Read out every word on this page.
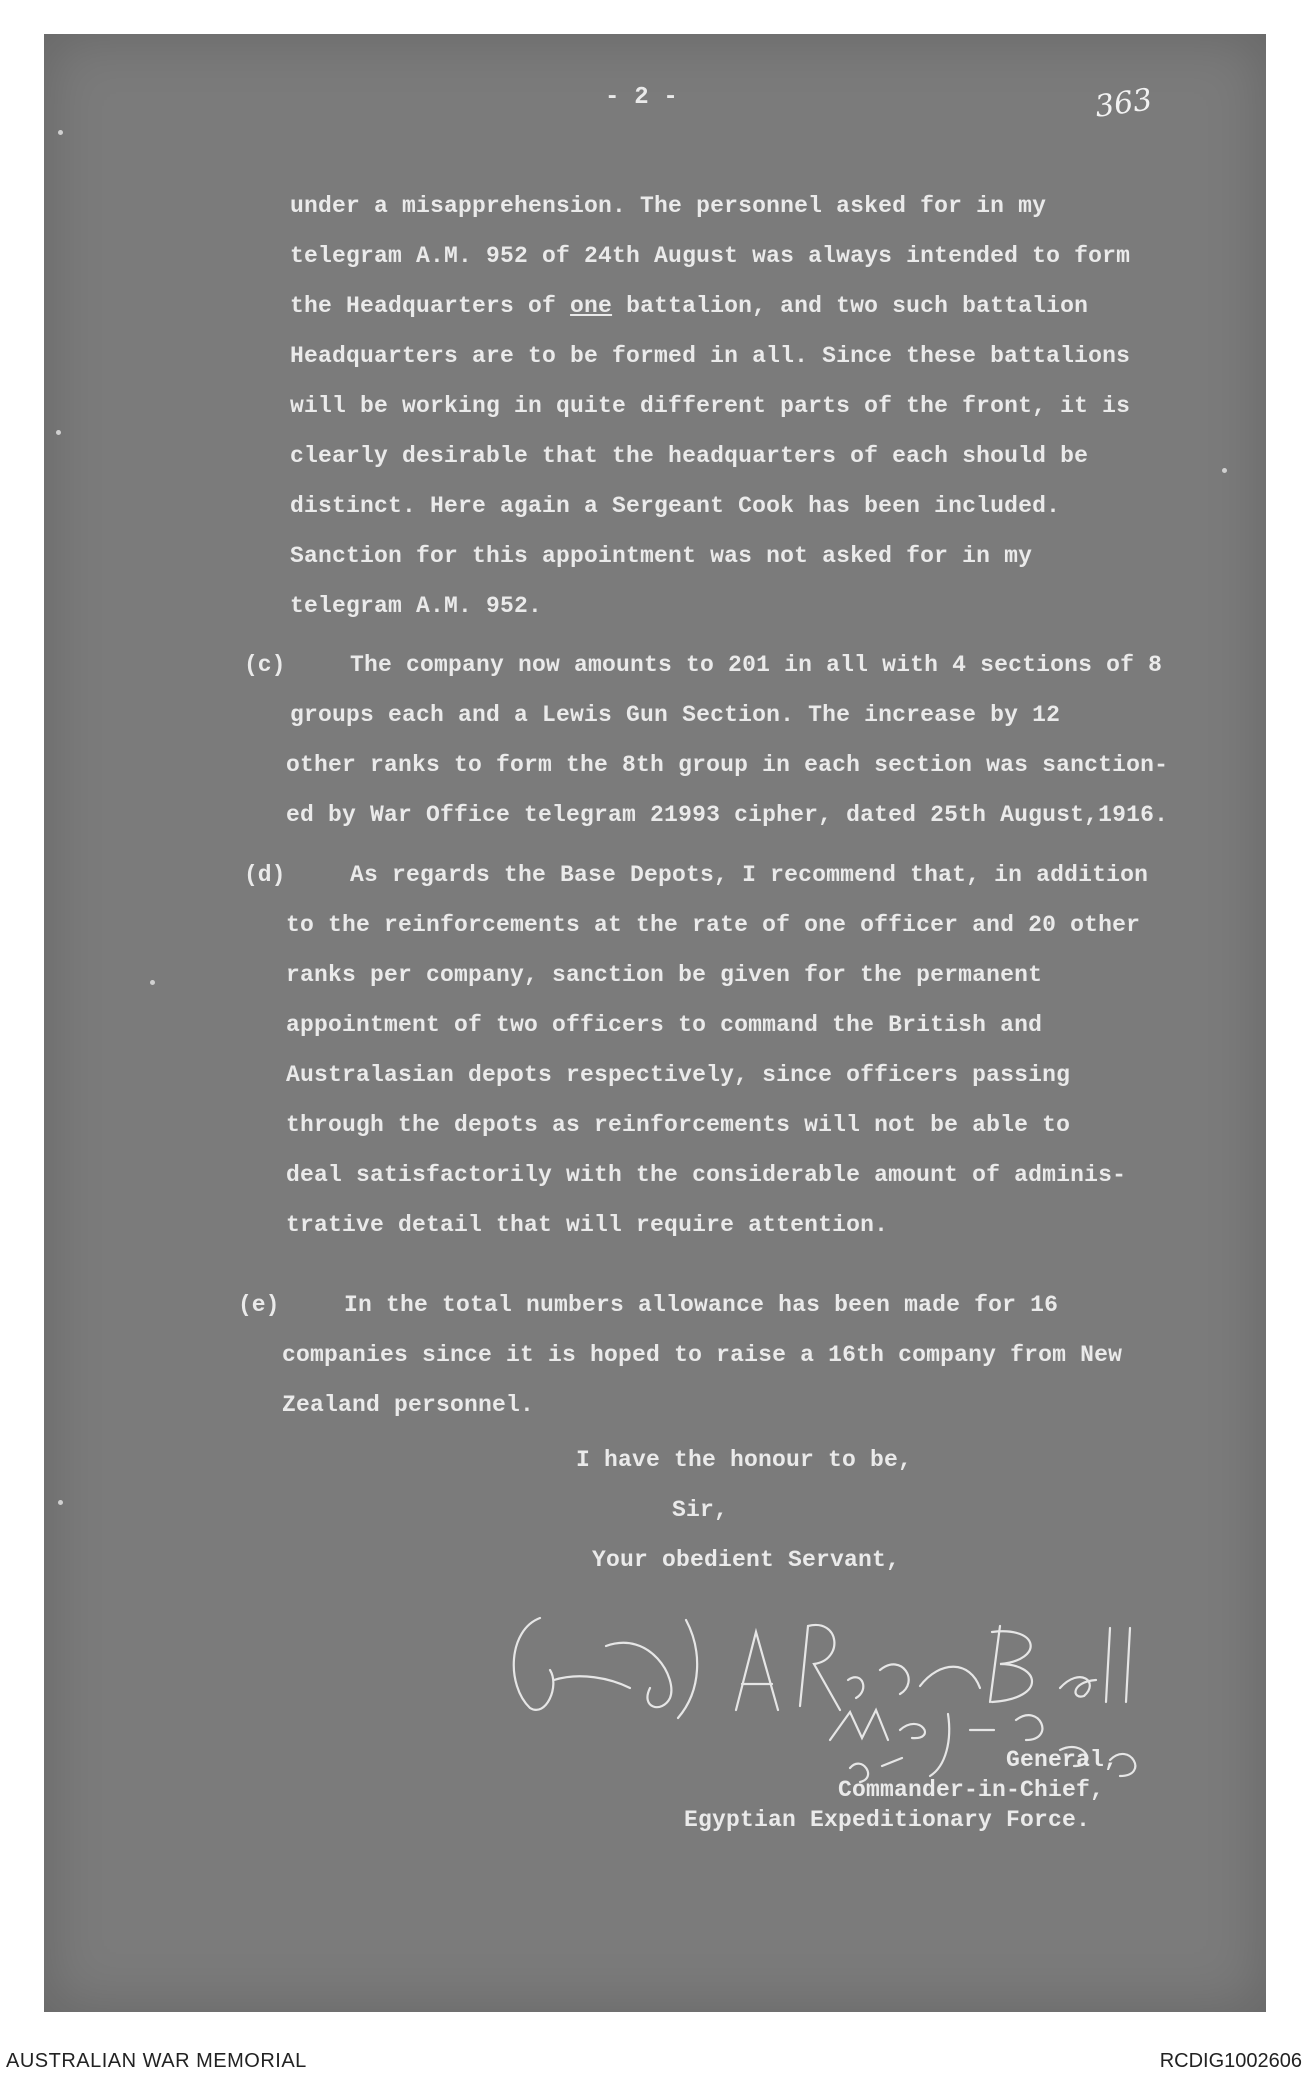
- 2 -	363
under a misapprehension. The personnel asked for in my
telegram A.M. 952 of 24th August was always intended to form
the Headquarters of one battalion, and two such battalion
Headquarters are to be formed in all. Since these battalions
will be working in quite different parts of the front, it is
clearly desirable that the headquarters of each should be
distinct. Here again a Sergeant Cook has been included.
Sanction for this appointment was not asked for in my
telegram A.M. 952.
(c)	The company now amounts to 201 in all with 4 sections of 8
groups each and a Lewis Gun Section. The increase by 12
other ranks to form the 8th group in each section was sanction-
ed by War Office telegram 21993 cipher, dated 25th August,1916.
(d)	As regards the Base Depots, I recommend that, in addition
to the reinforcements at the rate of one officer and 20 other
ranks per company, sanction be given for the permanent
appointment of two officers to command the British and
Australasian depots respectively, since officers passing
through the depots as reinforcements will not be able to
deal satisfactorily with the considerable amount of adminis-
trative detail that will require attention.
(e)	In the total numbers allowance has been made for 16
companies since it is hoped to raise a 16th company from New
Zealand personnel.
I have the honour to be,
Sir,
Your obedient Servant,
(Sgd)
General,
Commander-in-Chief,
Egyptian Expeditionary Force.
AUSTRALIAN WAR MEMORIAL	RCDIG1002606
